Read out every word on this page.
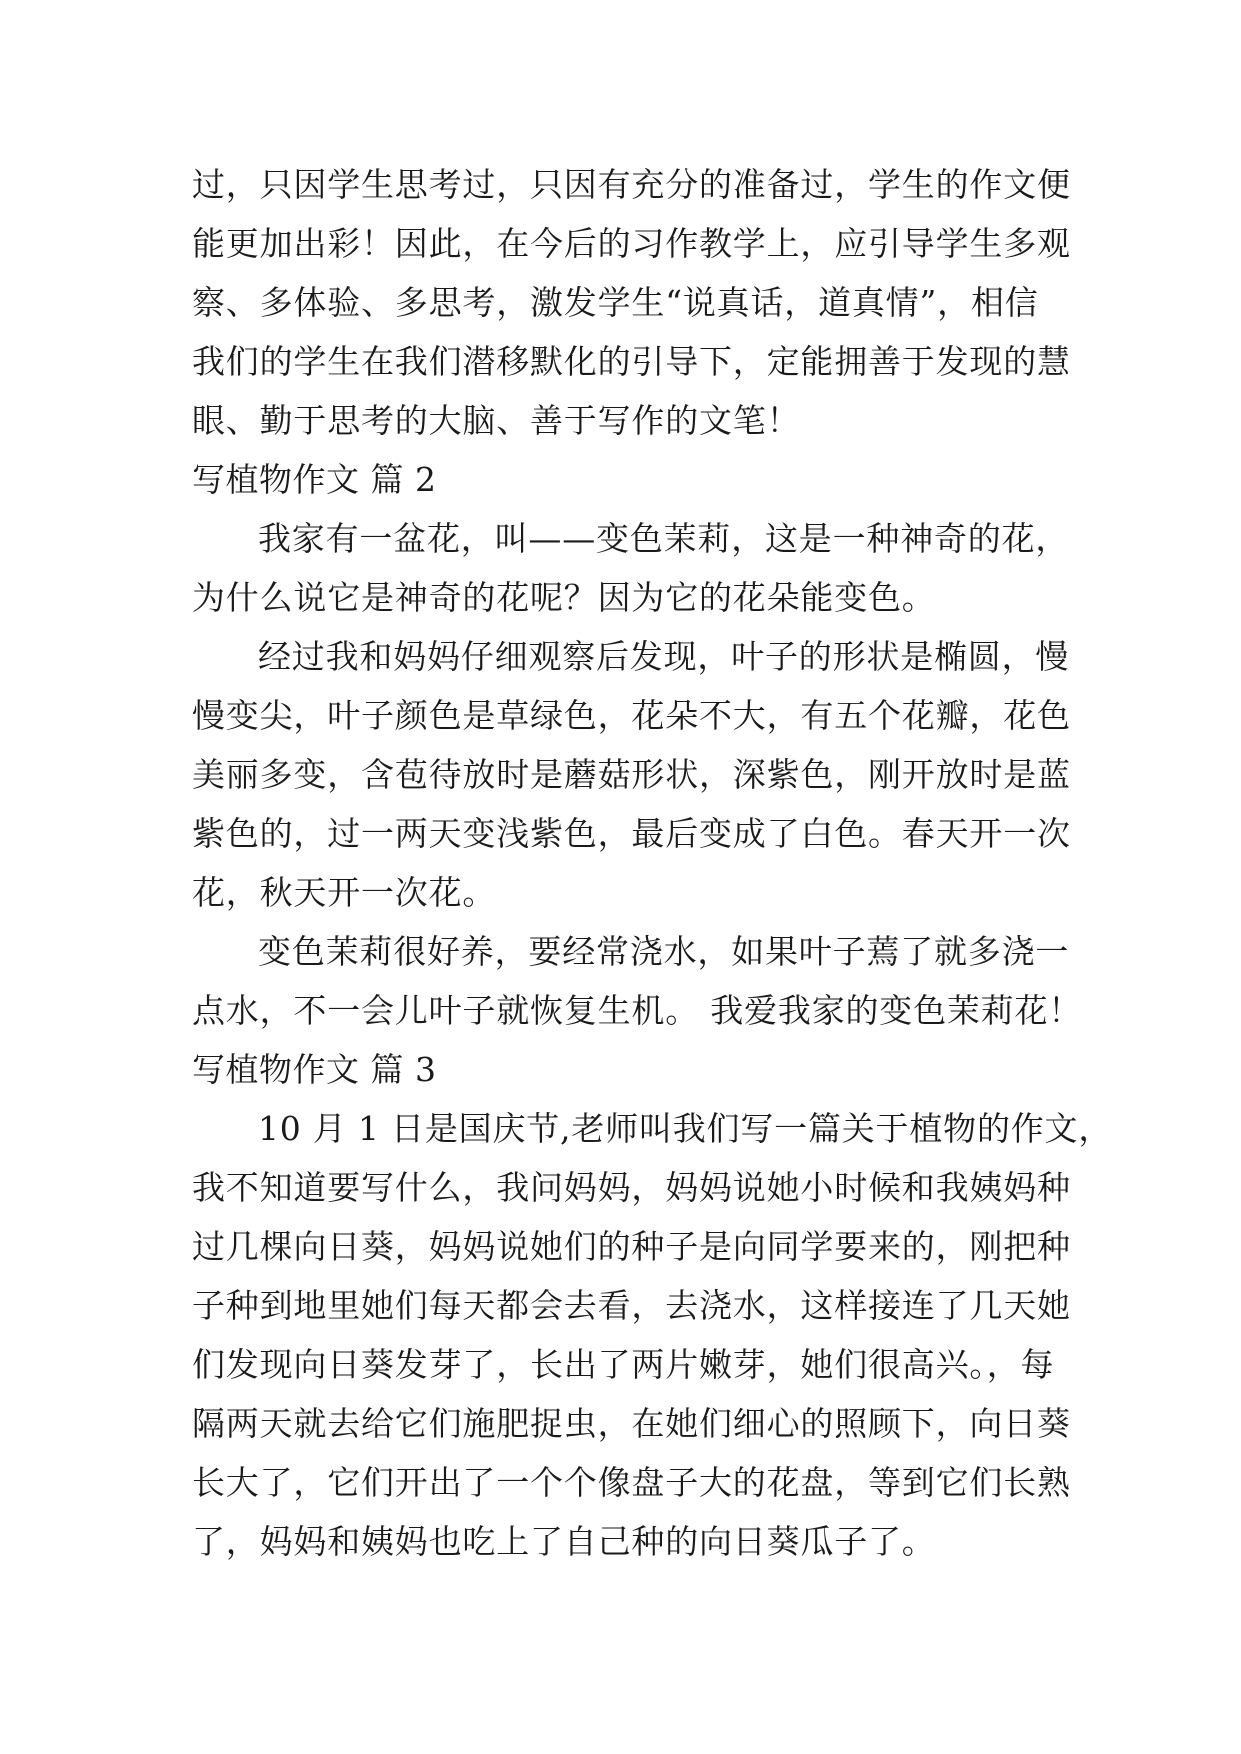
过，只因学生思考过，只因有充分的准备过，学生的作文便
能更加出彩！因此，在今后的习作教学上，应引导学生多观
察、多体验、多思考，激发学生“说真话，道真情”，相信
我们的学生在我们潜移默化的引导下，定能拥善于发现的慧
眼、勤于思考的大脑、善于写作的文笔！
写植物作文 篇 2
我家有一盆花，叫——变色茉莉，这是一种神奇的花，
为什么说它是神奇的花呢？因为它的花朵能变色。
经过我和妈妈仔细观察后发现，叶子的形状是椭圆，慢
慢变尖，叶子颜色是草绿色，花朵不大，有五个花瓣，花色
美丽多变，含苞待放时是蘑菇形状，深紫色，刚开放时是蓝
紫色的，过一两天变浅紫色，最后变成了白色。春天开一次
花，秋天开一次花。
变色茉莉很好养，要经常浇水，如果叶子蔫了就多浇一
点水，不一会儿叶子就恢复生机。 我爱我家的变色茉莉花！
写植物作文 篇 3
10 月 1 日是国庆节,老师叫我们写一篇关于植物的作文，
我不知道要写什么，我问妈妈，妈妈说她小时候和我姨妈种
过几棵向日葵，妈妈说她们的种子是向同学要来的，刚把种
子种到地里她们每天都会去看，去浇水，这样接连了几天她
们发现向日葵发芽了，长出了两片嫩芽，她们很高兴。，每
隔两天就去给它们施肥捉虫，在她们细心的照顾下，向日葵
长大了，它们开出了一个个像盘子大的花盘，等到它们长熟
了，妈妈和姨妈也吃上了自己种的向日葵瓜子了。
